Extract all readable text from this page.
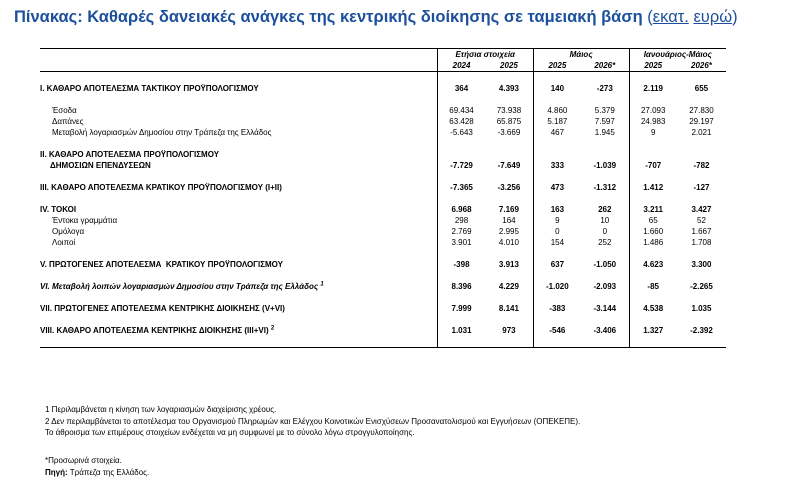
Πίνακας: Καθαρές δανειακές ανάγκες της κεντρικής διοίκησης σε ταμειακή βάση (εκατ. ευρώ)
	Ετήσια στοιχεία		Μάιος		Ιανουάριος-Μάιος	
	2024	2025	2025	2026*	2025	2026*

I. ΚΑΘΑΡΟ ΑΠΟΤΕΛΕΣΜΑ ΤΑΚΤΙΚΟΥ ΠΡΟΫΠΟΛΟΓΙΣΜΟΥ	364	4.393	140	-273	2.119	655

Έσοδα	69.434	73.938	4.860	5.379	27.093	27.830
Δαπάνες	63.428	65.875	5.187	7.597	24.983	29.197
Μεταβολή λογαριασμών Δημοσίου στην Τράπεζα της Ελλάδος	-5.643	-3.669	467	1.945	9	2.021

II. ΚΑΘΑΡΟ ΑΠΟΤΕΛΕΣΜΑ ΠΡΟΫΠΟΛΟΓΙΣΜΟΥ						
ΔΗΜΟΣΙΩΝ ΕΠΕΝΔΥΣΕΩΝ	-7.729	-7.649	333	-1.039	-707	-782

III. ΚΑΘΑΡΟ ΑΠΟΤΕΛΕΣΜΑ ΚΡΑΤΙΚΟΥ ΠΡΟΫΠΟΛΟΓΙΣΜΟΥ (I+II)	-7.365	-3.256	473	-1.312	1.412	-127

IV. ΤΟΚΟΙ	6.968	7.169	163	262	3.211	3.427
Έντοκα γραμμάτια	298	164	9	10	65	52
Ομόλογα	2.769	2.995	0	0	1.660	1.667
Λοιποί	3.901	4.010	154	252	1.486	1.708

V. ΠΡΩΤΟΓΕΝΕΣ ΑΠΟΤΕΛΕΣΜΑ  ΚΡΑΤΙΚΟΥ ΠΡΟΫΠΟΛΟΓΙΣΜΟΥ	-398	3.913	637	-1.050	4.623	3.300

VI. Μεταβολή λοιπών λογαριασμών Δημοσίου στην Τράπεζα της Ελλάδος $^1$	8.396	4.229	-1.020	-2.093	-85	-2.265

VII. ΠΡΩΤΟΓΕΝΕΣ ΑΠΟΤΕΛΕΣΜΑ ΚΕΝΤΡΙΚΗΣ ΔΙΟΙΚΗΣΗΣ (V+VI)	7.999	8.141	-383	-3.144	4.538	1.035

VIII. ΚΑΘΑΡΟ ΑΠΟΤΕΛΕΣΜΑ ΚΕΝΤΡΙΚΗΣ ΔΙΟΙΚΗΣΗΣ (III+VI) $^2$	1.031	973	-546	-3.406	1.327	-2.392

1 Περιλαμβάνεται η κίνηση των λογαριασμών διαχείρισης χρέους.
2 Δεν περιλαμβάνεται το αποτέλεσμα του Οργανισμού Πληρωμών και Ελέγχου Κοινοτικών Ενισχύσεων Προσανατολισμού και Εγγυήσεων (ΟΠΕΚΕΠΕ).
Το άθροισμα των επιμέρους στοιχείων ενδέχεται να μη συμφωνεί με το σύνολο λόγω στρογγυλοποίησης.
*Προσωρινά στοιχεία.
Πηγή: Τράπεζα της Ελλάδος.
